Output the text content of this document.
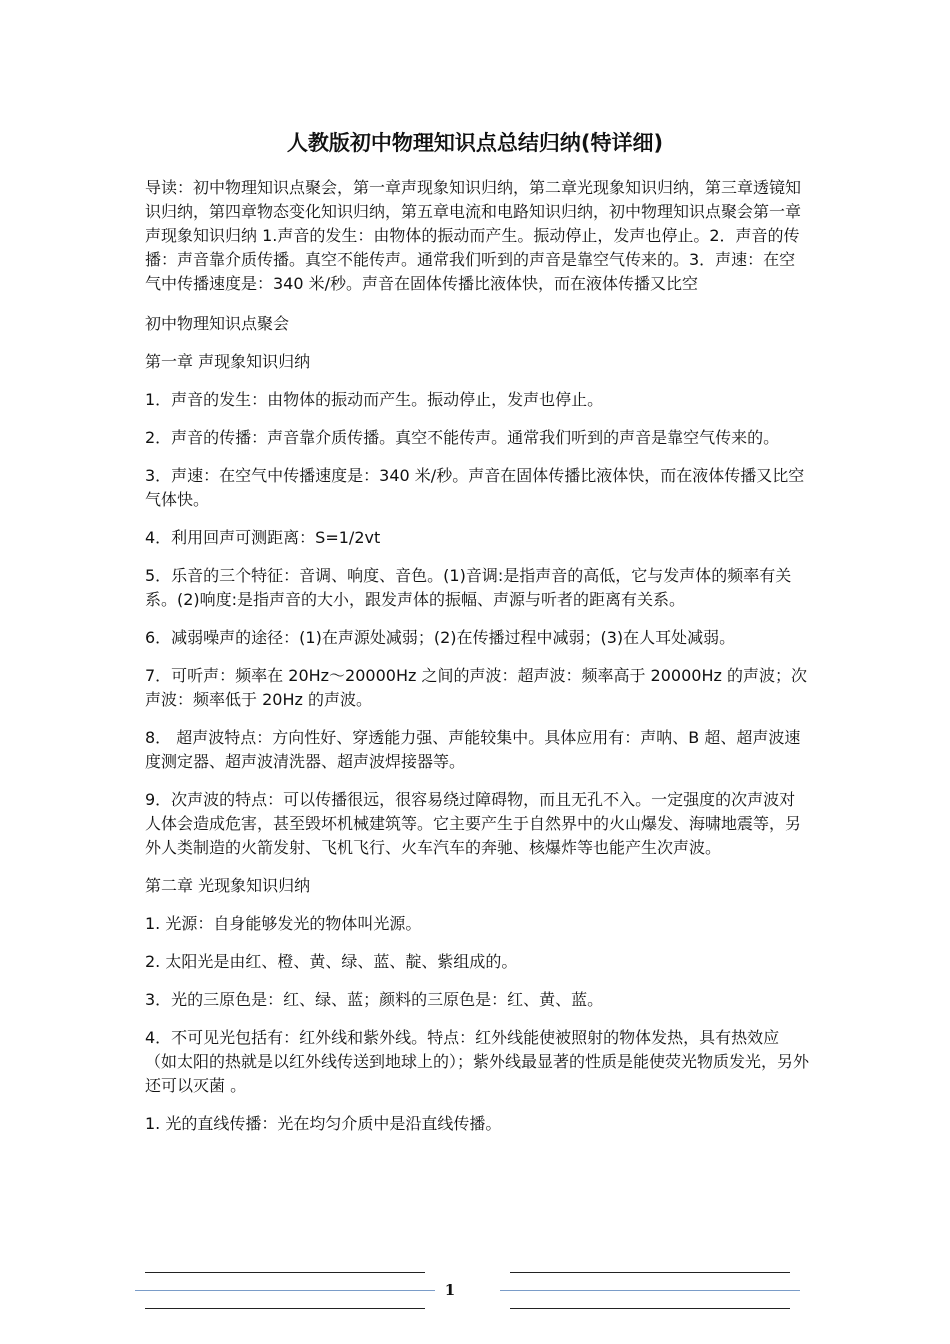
人教版初中物理知识点总结归纳(特详细)

导读：初中物理知识点聚会，第一章声现象知识归纳，第二章光现象知识归纳，第三章透镜知识归纳，第四章物态变化知识归纳，第五章电流和电路知识归纳，初中物理知识点聚会第一章声现象知识归纳 1.声音的发生：由物体的振动而产生。振动停止，发声也停止。2．声音的传播：声音靠介质传播。真空不能传声。通常我们听到的声音是靠空气传来的。3．声速：在空气中传播速度是：340 米/秒。声音在固体传播比液体快，而在液体传播又比空

初中物理知识点聚会

第一章 声现象知识归纳

1．声音的发生：由物体的振动而产生。振动停止，发声也停止。

2．声音的传播：声音靠介质传播。真空不能传声。通常我们听到的声音是靠空气传来的。

3．声速：在空气中传播速度是：340 米/秒。声音在固体传播比液体快，而在液体传播又比空气体快。

4．利用回声可测距离：S=1/2vt

5．乐音的三个特征：音调、响度、音色。(1)音调:是指声音的高低，它与发声体的频率有关系。(2)响度:是指声音的大小，跟发声体的振幅、声源与听者的距离有关系。

6．减弱噪声的途径：(1)在声源处减弱；(2)在传播过程中减弱；(3)在人耳处减弱。

7．可听声：频率在 20Hz～20000Hz 之间的声波：超声波：频率高于 20000Hz 的声波；次声波：频率低于 20Hz 的声波。

8． 超声波特点：方向性好、穿透能力强、声能较集中。具体应用有：声呐、B 超、超声波速度测定器、超声波清洗器、超声波焊接器等。

9．次声波的特点：可以传播很远，很容易绕过障碍物，而且无孔不入。一定强度的次声波对人体会造成危害，甚至毁坏机械建筑等。它主要产生于自然界中的火山爆发、海啸地震等，另外人类制造的火箭发射、飞机飞行、火车汽车的奔驰、核爆炸等也能产生次声波。

第二章 光现象知识归纳

1. 光源：自身能够发光的物体叫光源。

2. 太阳光是由红、橙、黄、绿、蓝、靛、紫组成的。

3．光的三原色是：红、绿、蓝；颜料的三原色是：红、黄、蓝。

4．不可见光包括有：红外线和紫外线。特点：红外线能使被照射的物体发热，具有热效应（如太阳的热就是以红外线传送到地球上的）；紫外线最显著的性质是能使荧光物质发光，另外还可以灭菌 。

1. 光的直线传播：光在均匀介质中是沿直线传播。

1
